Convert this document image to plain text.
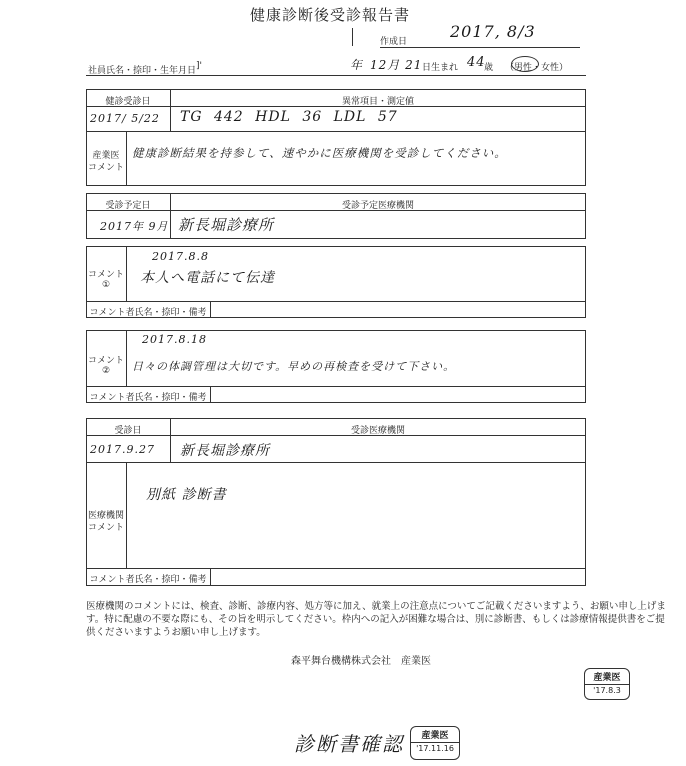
健康診断後受診報告書
作成日
2017, 8/3
社員氏名・捺印・生年月日 ]'	年 12月 21 日生まれ 44
歳 （男性・女性）
健診受診日	異常項目・測定値
2017/ 5/22 TG 442 HDL 36 LDL 57
産業医
コメント
健康診断結果を持参して、速やかに医療機関を受診してください。
受診予定日	受診予定医療機関
2017年 9月 新長堀診療所
コメント①
2017.8.8
本人へ電話にて伝達
コメント者氏名・捺印・備考
コメント②
2017.8.18
日々の体調管理は大切です。早めの再検査を受けて下さい。
コメント者氏名・捺印・備考
受診日	受診医療機関
2017.9.27 新長堀診療所
医療機関
コメント
別紙 診断書
コメント者氏名・捺印・備考
医療機関のコメントには、検査、診断、診療内容、処方等に加え、就業上の注意点についてご記載くださいますよう、お願い申し上げます。特に配慮の不要な際にも、その旨を明示してください。枠内への記入が困難な場合は、別に診断書、もしくは診療情報提供書をご提供くださいますようお願い申し上げます。
森平舞台機構株式会社　産業医
産業医
'17.8.3
診断書確認	産業医
'17.11.16
